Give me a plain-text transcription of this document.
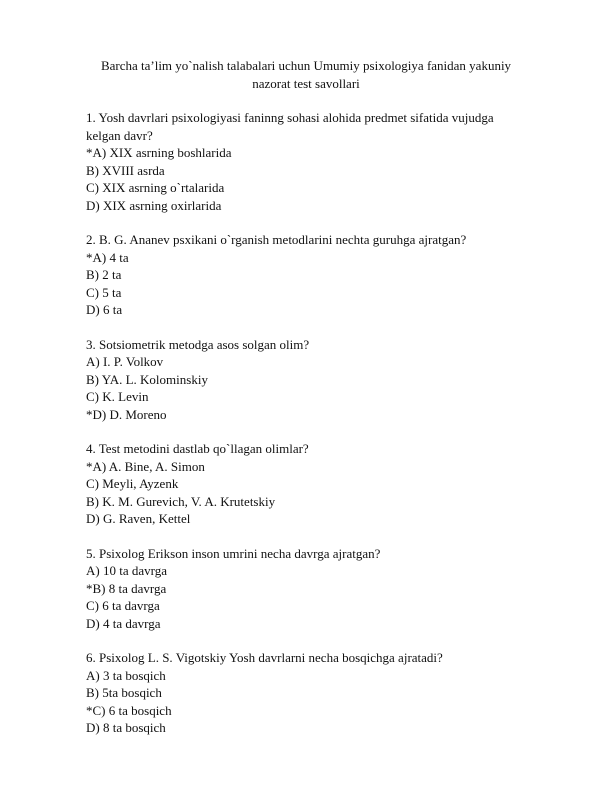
Barcha ta’lim yo`nalish talabalari uchun Umumiy psixologiya fanidan yakuniy nazorat test savollari
1. Yosh davrlari psixologiyasi faninng sohasi alohida predmet sifatida vujudga kelgan davr?
*A) XIX asrning boshlarida
B) XVIII asrda
C) XIX asrning o`rtalarida
D) XIX asrning oxirlarida
2. B. G. Ananev psxikani o`rganish metodlarini nechta guruhga ajratgan?
*A) 4 ta
B) 2 ta
C) 5 ta
D) 6 ta
3. Sotsiometrik metodga asos solgan olim?
A) I. P. Volkov
B) YA. L. Kolominskiy
C) K. Levin
*D) D. Moreno
4. Test metodini dastlab qo`llagan olimlar?
*A) A. Bine, A. Simon
C) Meyli, Ayzenk
B) K. M. Gurevich, V. A. Krutetskiy
D) G. Raven, Kettel
5. Psixolog Erikson inson umrini necha davrga ajratgan?
A) 10 ta davrga
*B) 8 ta davrga
C) 6 ta davrga
D) 4 ta davrga
6. Psixolog L. S. Vigotskiy Yosh davrlarni necha bosqichga ajratadi?
A) 3 ta bosqich
B) 5ta bosqich
*C) 6 ta bosqich
D) 8 ta bosqich
